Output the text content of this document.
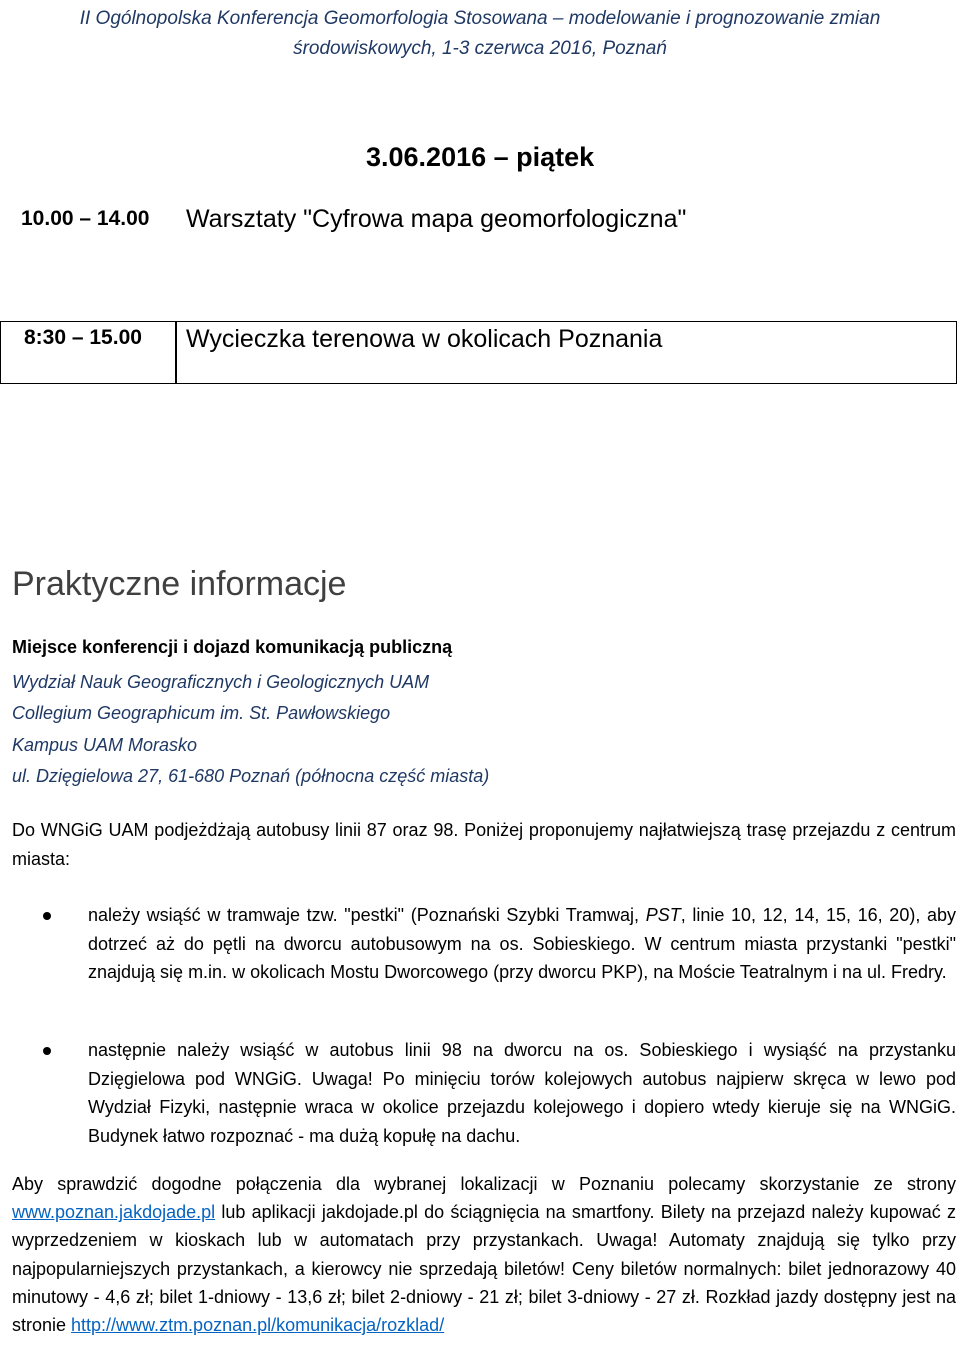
II Ogólnopolska Konferencja Geomorfologia Stosowana – modelowanie i prognozowanie zmian
środowiskowych, 1-3 czerwca 2016, Poznań
3.06.2016 – piątek
10.00 – 14.00 Warsztaty "Cyfrowa mapa geomorfologiczna"
8:30 – 15.00 Wycieczka terenowa w okolicach Poznania
Praktyczne informacje
Miejsce konferencji i dojazd komunikacją publiczną
Wydział Nauk Geograficznych i Geologicznych UAM
Collegium Geographicum im. St. Pawłowskiego
Kampus UAM Morasko
ul. Dzięgielowa 27, 61-680 Poznań (północna część miasta)

Do WNGiG UAM podjeżdżają autobusy linii 87 oraz 98. Poniżej proponujemy najłatwiejszą trasę przejazdu z centrum miasta:

należy wsiąść w tramwaje tzw. "pestki" (Poznański Szybki Tramwaj, PST, linie 10, 12, 14, 15, 16, 20), aby dotrzeć aż do pętli na dworcu autobusowym na os. Sobieskiego. W centrum miasta przystanki "pestki" znajdują się m.in. w okolicach Mostu Dworcowego (przy dworcu PKP), na Moście Teatralnym i na ul. Fredry.

następnie należy wsiąść w autobus linii 98 na dworcu na os. Sobieskiego i wysiąść na przystanku Dzięgielowa pod WNGiG. Uwaga! Po minięciu torów kolejowych autobus najpierw skręca w lewo pod Wydział Fizyki, następnie wraca w okolice przejazdu kolejowego i dopiero wtedy kieruje się na WNGiG. Budynek łatwo rozpoznać - ma dużą kopułę na dachu.

Aby sprawdzić dogodne połączenia dla wybranej lokalizacji w Poznaniu polecamy skorzystanie ze strony www.poznan.jakdojade.pl lub aplikacji jakdojade.pl do ściągnięcia na smartfony. Bilety na przejazd należy kupować z wyprzedzeniem w kioskach lub w automatach przy przystankach. Uwaga! Automaty znajdują się tylko przy najpopularniejszych przystankach, a kierowcy nie sprzedają biletów! Ceny biletów normalnych: bilet jednorazowy 40 minutowy - 4,6 zł; bilet 1-dniowy - 13,6 zł; bilet 2-dniowy - 21 zł; bilet 3-dniowy - 27 zł. Rozkład jazdy dostępny jest na stronie http://www.ztm.poznan.pl/komunikacja/rozklad/
